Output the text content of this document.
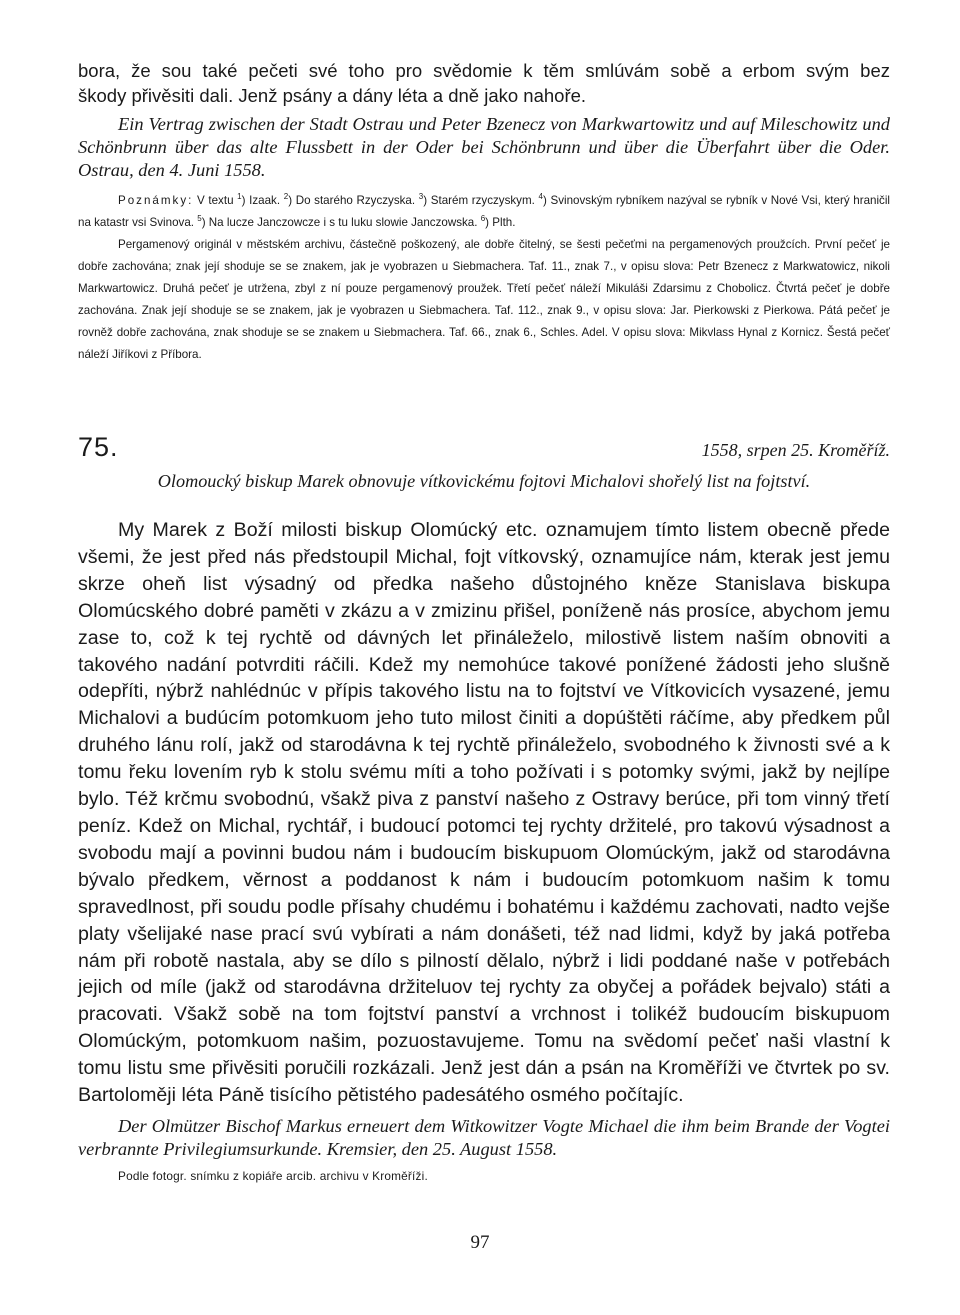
bora, že sou také pečeti své toho pro svědomie k těm smlúvám sobě a erbom svým bez

škody přivěsiti dali. Jenž psány a dány léta a dně jako nahoře.

Ein Vertrag zwischen der Stadt Ostrau und Peter Bzenecz von Markwartowitz und auf Mileschowitz und Schönbrunn über das alte Flussbett in der Oder bei Schönbrunn und über die Überfahrt über die Oder. Ostrau, den 4. Juni 1558.

Poznámky: V textu $^1$) Izaak. $^2$) Do starého Rzyczyska. $^3$) Starém rzyczyskym. $^4$) Svinovským rybníkem nazýval se rybník v Nové Vsi, který hraničil na katastr vsi Svinova. $^5$) Na lucze Janczowcze i s tu luku slowie Janczowska. $^6$) Plth.

Pergamenový originál v městském archivu, částečně poškozený, ale dobře čitelný, se šesti pečeťmi na pergamenových proužcích. První pečeť je dobře zachována; znak její shoduje se se znakem, jak je vyobrazen u Siebmachera. Taf. 11., znak 7., v opisu slova: Petr Bzenecz z Markwatowicz, nikoli Markwartowicz. Druhá pečeť je utržena, zbyl z ní pouze pergamenový proužek. Třetí pečeť náleží Mikuláši Zdarsimu z Chobolicz. Čtvrtá pečeť je dobře zachována. Znak její shoduje se se znakem, jak je vyobrazen u Siebmachera. Taf. 112., znak 9., v opisu slova: Jar. Pierkowski z Pierkowa. Pátá pečeť je rovněž dobře zachována, znak shoduje se se znakem u Siebmachera. Taf. 66., znak 6., Schles. Adel. V opisu slova: Mikvlass Hynal z Kornicz. Šestá pečeť náleží Jiříkovi z Příbora.

75.	1558, srpen 25. Kroměříž.

Olomoucký biskup Marek obnovuje vítkovickému fojtovi Michalovi shořelý list na fojtství.

My Marek z Boží milosti biskup Olomúcký etc. oznamujem tímto listem obecně přede všemi, že jest před nás předstoupil Michal, fojt vítkovský, oznamujíce nám, kterak jest jemu skrze oheň list výsadný od předka našeho důstojného kněze Stanislava biskupa Olomúcského dobré paměti v zkázu a v zmizinu přišel, poníženě nás prosíce, abychom jemu zase to, což k tej rychtě od dávných let přináleželo, milostivě listem naším obnoviti a takového nadání potvrditi ráčili. Kdež my nemohúce takové ponížené žádosti jeho slušně odepříti, nýbrž nahlédnúc v přípis takového listu na to fojtství ve Vítkovicích vysazené, jemu Michalovi a budúcím potomkuom jeho tuto milost činiti a dopúštěti ráčíme, aby předkem půl druhého lánu rolí, jakž od starodávna k tej rychtě přináleželo, svobodného k živnosti své a k tomu řeku lovením ryb k stolu svému míti a toho požívati i s potomky svými, jakž by nejlípe bylo. Též krčmu svobodnú, všakž piva z panství našeho z Ostravy berúce, při tom vinný třetí peníz. Kdež on Michal, rychtář, i budoucí potomci tej rychty držitelé, pro takovú výsadnost a svobodu mají a povinni budou nám i budoucím biskupuom Olomúckým, jakž od starodávna bývalo předkem, věrnost a poddanost k nám i budoucím potomkuom našim k tomu spravedlnost, při soudu podle přísahy chudému i bohatému i každému zachovati, nadto vejše platy všelijaké nasе prací svú vybírati a nám donášeti, též nad lidmi, když by jaká potřeba nám při robotě nastala, aby se dílo s pilností dělalo, nýbrž i lidi poddané naše v potřebách jejich od míle (jakž od starodávna držiteluov tej rychty za obyčej a pořádek bejvalo) státi a pracovati. Všakž sobě na tom fojtství panství a vrchnost i tolikéž budoucím biskupuom Olomúckým, potomkuom našim, pozuostavujeme. Tomu na svědomí pečeť naši vlastní k tomu listu sme přivěsiti poručili rozkázali. Jenž jest dán a psán na Kroměříži ve čtvrtek po sv. Bartoloměji léta Páně tisícího pětistého padesátého osmého počítajíc.

Der Olmützer Bischof Markus erneuert dem Witkowitzer Vogte Michael die ihm beim Brande der Vogtei verbrannte Privilegiumsurkunde. Kremsier, den 25. August 1558.

Podle fotogr. snímku z kopiáře arcib. archivu v Kroměříži.

97
